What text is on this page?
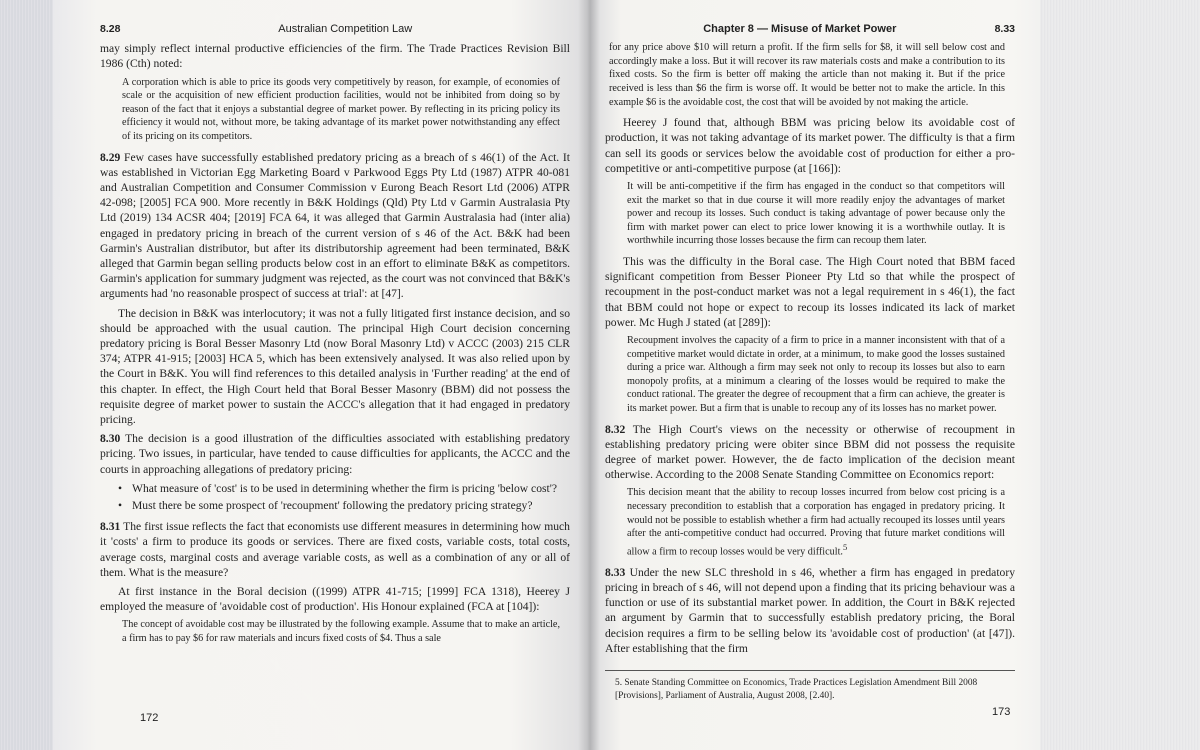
8.28	Australian Competition Law

may simply reflect internal productive efficiencies of the firm. The Trade Practices Revision Bill 1986 (Cth) noted:

A corporation which is able to price its goods very competitively by reason, for example, of economies of scale or the acquisition of new efficient production facilities, would not be inhibited from doing so by reason of the fact that it enjoys a substantial degree of market power. By reflecting in its pricing policy its efficiency it would not, without more, be taking advantage of its market power notwithstanding any effect of its pricing on its competitors.

8.29 Few cases have successfully established predatory pricing as a breach of s 46(1) of the Act. It was established in Victorian Egg Marketing Board v Parkwood Eggs Pty Ltd (1987) ATPR 40-081 and Australian Competition and Consumer Commission v Eurong Beach Resort Ltd (2006) ATPR 42-098; [2005] FCA 900. More recently in B&K Holdings (Qld) Pty Ltd v Garmin Australasia Pty Ltd (2019) 134 ACSR 404; [2019] FCA 64, it was alleged that Garmin Australasia had (inter alia) engaged in predatory pricing in breach of the current version of s 46 of the Act. B&K had been Garmin's Australian distributor, but after its distributorship agreement had been terminated, B&K alleged that Garmin began selling products below cost in an effort to eliminate B&K as competitors. Garmin's application for summary judgment was rejected, as the court was not convinced that B&K's arguments had 'no reasonable prospect of success at trial': at [47].

The decision in B&K was interlocutory; it was not a fully litigated first instance decision, and so should be approached with the usual caution. The principal High Court decision concerning predatory pricing is Boral Besser Masonry Ltd (now Boral Masonry Ltd) v ACCC (2003) 215 CLR 374; ATPR 41-915; [2003] HCA 5, which has been extensively analysed. It was also relied upon by the Court in B&K. You will find references to this detailed analysis in 'Further reading' at the end of this chapter. In effect, the High Court held that Boral Besser Masonry (BBM) did not possess the requisite degree of market power to sustain the ACCC's allegation that it had engaged in predatory pricing.

8.30 The decision is a good illustration of the difficulties associated with establishing predatory pricing. Two issues, in particular, have tended to cause difficulties for applicants, the ACCC and the courts in approaching allegations of predatory pricing:

• What measure of 'cost' is to be used in determining whether the firm is pricing 'below cost'?
• Must there be some prospect of 'recoupment' following the predatory pricing strategy?

8.31 The first issue reflects the fact that economists use different measures in determining how much it 'costs' a firm to produce its goods or services. There are fixed costs, variable costs, total costs, average costs, marginal costs and average variable costs, as well as a combination of any or all of them. What is the measure?

At first instance in the Boral decision ((1999) ATPR 41-715; [1999] FCA 1318), Heerey J employed the measure of 'avoidable cost of production'. His Honour explained (FCA at [104]):

The concept of avoidable cost may be illustrated by the following example. Assume that to make an article, a firm has to pay $6 for raw materials and incurs fixed costs of $4. Thus a sale

172
Chapter 8 — Misuse of Market Power	8.33

for any price above $10 will return a profit. If the firm sells for $8, it will sell below cost and accordingly make a loss. But it will recover its raw materials costs and make a contribution to its fixed costs. So the firm is better off making the article than not making it. But if the price received is less than $6 the firm is worse off. It would be better not to make the article. In this example $6 is the avoidable cost, the cost that will be avoided by not making the article.

Heerey J found that, although BBM was pricing below its avoidable cost of production, it was not taking advantage of its market power. The difficulty is that a firm can sell its goods or services below the avoidable cost of production for either a pro-competitive or anti-competitive purpose (at [166]):

It will be anti-competitive if the firm has engaged in the conduct so that competitors will exit the market so that in due course it will more readily enjoy the advantages of market power and recoup its losses. Such conduct is taking advantage of power because only the firm with market power can elect to price lower knowing it is a worthwhile outlay. It is worthwhile incurring those losses because the firm can recoup them later.

This was the difficulty in the Boral case. The High Court noted that BBM faced significant competition from Besser Pioneer Pty Ltd so that while the prospect of recoupment in the post-conduct market was not a legal requirement in s 46(1), the fact that BBM could not hope or expect to recoup its losses indicated its lack of market power. Mc Hugh J stated (at [289]):

Recoupment involves the capacity of a firm to price in a manner inconsistent with that of a competitive market would dictate in order, at a minimum, to make good the losses sustained during a price war. Although a firm may seek not only to recoup its losses but also to earn monopoly profits, at a minimum a clearing of the losses would be required to make the conduct rational. The greater the degree of recoupment that a firm can achieve, the greater is its market power. But a firm that is unable to recoup any of its losses has no market power.

8.32 The High Court's views on the necessity or otherwise of recoupment in establishing predatory pricing were obiter since BBM did not possess the requisite degree of market power. However, the de facto implication of the decision meant otherwise. According to the 2008 Senate Standing Committee on Economics report:

This decision meant that the ability to recoup losses incurred from below cost pricing is a necessary precondition to establish that a corporation has engaged in predatory pricing. It would not be possible to establish whether a firm had actually recouped its losses until years after the anti-competitive conduct had occurred. Proving that future market conditions will allow a firm to recoup losses would be very difficult.$^5$

8.33 Under the new SLC threshold in s 46, whether a firm has engaged in predatory pricing in breach of s 46, will not depend upon a finding that its pricing behaviour was a function or use of its substantial market power. In addition, the Court in B&K rejected an argument by Garmin that to successfully establish predatory pricing, the Boral decision requires a firm to be selling below its 'avoidable cost of production' (at [47]). After establishing that the firm

5. Senate Standing Committee on Economics, Trade Practices Legislation Amendment Bill 2008 [Provisions], Parliament of Australia, August 2008, [2.40].

173
